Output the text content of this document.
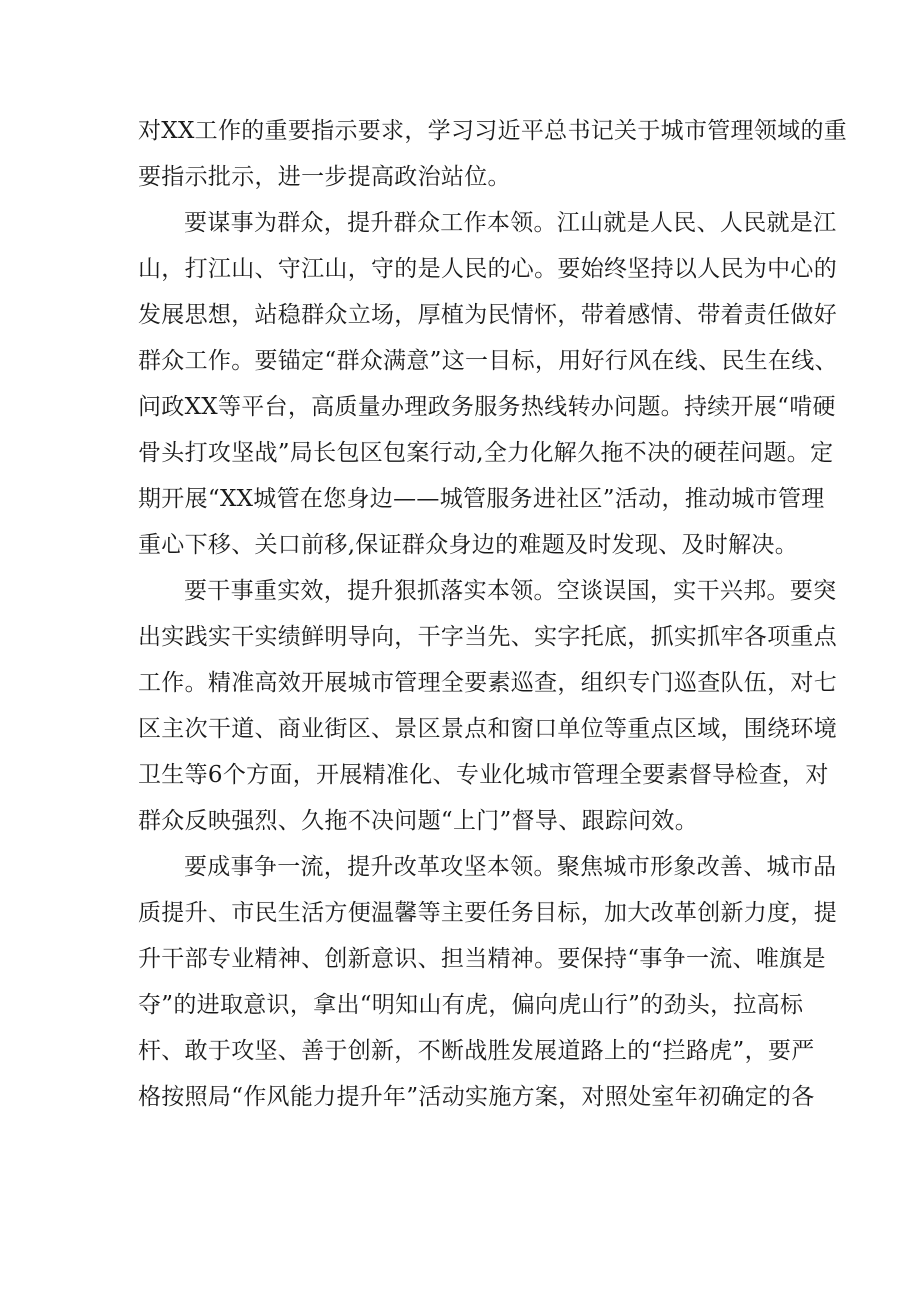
对XX工作的重要指示要求，学习习近平总书记关于城市管理领域的重
要指示批示，进一步提高政治站位。
要谋事为群众，提升群众工作本领。江山就是人民、人民就是江
山，打江山、守江山，守的是人民的心。要始终坚持以人民为中心的
发展思想，站稳群众立场，厚植为民情怀，带着感情、带着责任做好
群众工作。要锚定“群众满意”这一目标，用好行风在线、民生在线、
问政XX等平台，高质量办理政务服务热线转办问题。持续开展“啃硬
骨头打攻坚战”局长包区包案行动,全力化解久拖不决的硬茬问题。定
期开展“XX城管在您身边——城管服务进社区”活动，推动城市管理
重心下移、关口前移,保证群众身边的难题及时发现、及时解决。
要干事重实效，提升狠抓落实本领。空谈误国，实干兴邦。要突
出实践实干实绩鲜明导向，干字当先、实字托底，抓实抓牢各项重点
工作。精准高效开展城市管理全要素巡查，组织专门巡查队伍，对七
区主次干道、商业街区、景区景点和窗口单位等重点区域，围绕环境
卫生等6个方面，开展精准化、专业化城市管理全要素督导检查，对
群众反映强烈、久拖不决问题“上门”督导、跟踪问效。
要成事争一流，提升改革攻坚本领。聚焦城市形象改善、城市品
质提升、市民生活方便温馨等主要任务目标，加大改革创新力度，提
升干部专业精神、创新意识、担当精神。要保持“事争一流、唯旗是
夺”的进取意识，拿出“明知山有虎，偏向虎山行”的劲头，拉高标
杆、敢于攻坚、善于创新，不断战胜发展道路上的“拦路虎”，要严
格按照局“作风能力提升年”活动实施方案，对照处室年初确定的各
